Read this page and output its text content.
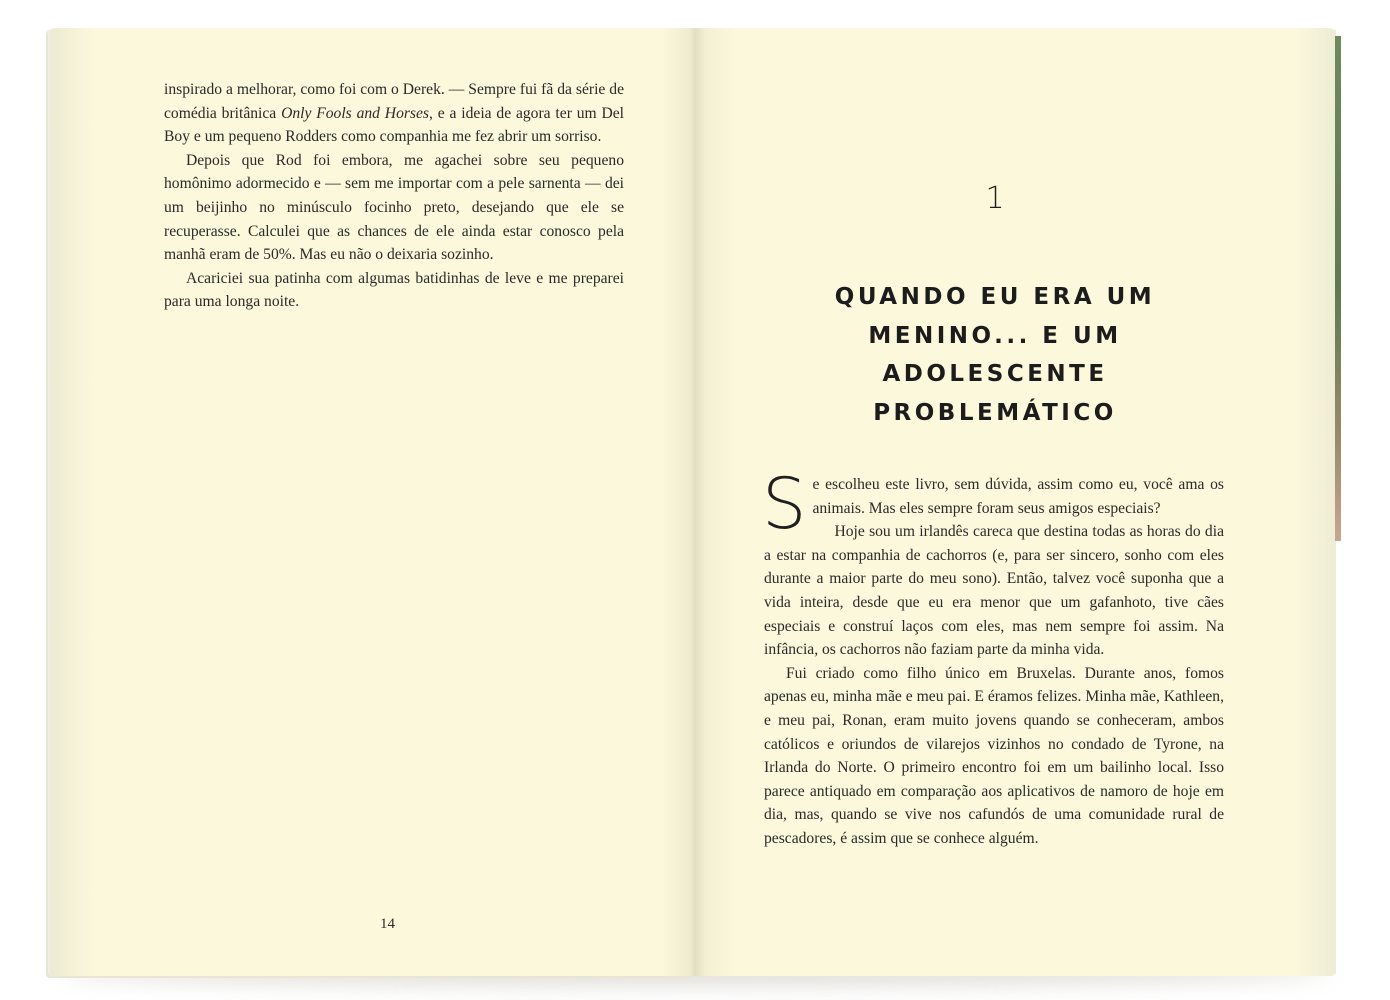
inspirado a melhorar, como foi com o Derek. — Sempre fui fã da série de comédia britânica Only Fools and Horses, e a ideia de agora ter um Del Boy e um pequeno Rodders como companhia me fez abrir um sorriso.

Depois que Rod foi embora, me agachei sobre seu pequeno homônimo adormecido e — sem me importar com a pele sarnenta — dei um beijinho no minúsculo focinho preto, desejando que ele se recuperasse. Calculei que as chances de ele ainda estar conosco pela manhã eram de 50%. Mas eu não o deixaria sozinho.

Acariciei sua patinha com algumas batidinhas de leve e me preparei para uma longa noite.

14
1
QUANDO EU ERA UM
MENINO... E UM ADOLESCENTE
PROBLEMÁTICO

Se escolheu este livro, sem dúvida, assim como eu, você ama os animais. Mas eles sempre foram seus amigos especiais?

Hoje sou um irlandês careca que destina todas as horas do dia a estar na companhia de cachorros (e, para ser sincero, sonho com eles durante a maior parte do meu sono). Então, talvez você suponha que a vida inteira, desde que eu era menor que um gafanhoto, tive cães especiais e construí laços com eles, mas nem sempre foi assim. Na infância, os cachorros não faziam parte da minha vida.

Fui criado como filho único em Bruxelas. Durante anos, fomos apenas eu, minha mãe e meu pai. E éramos felizes. Minha mãe, Kathleen, e meu pai, Ronan, eram muito jovens quando se conheceram, ambos católicos e oriundos de vilarejos vizinhos no condado de Tyrone, na Irlanda do Norte. O primeiro encontro foi em um bailinho local. Isso parece antiquado em comparação aos aplicativos de namoro de hoje em dia, mas, quando se vive nos cafundós de uma comunidade rural de pescadores, é assim que se conhece alguém.
